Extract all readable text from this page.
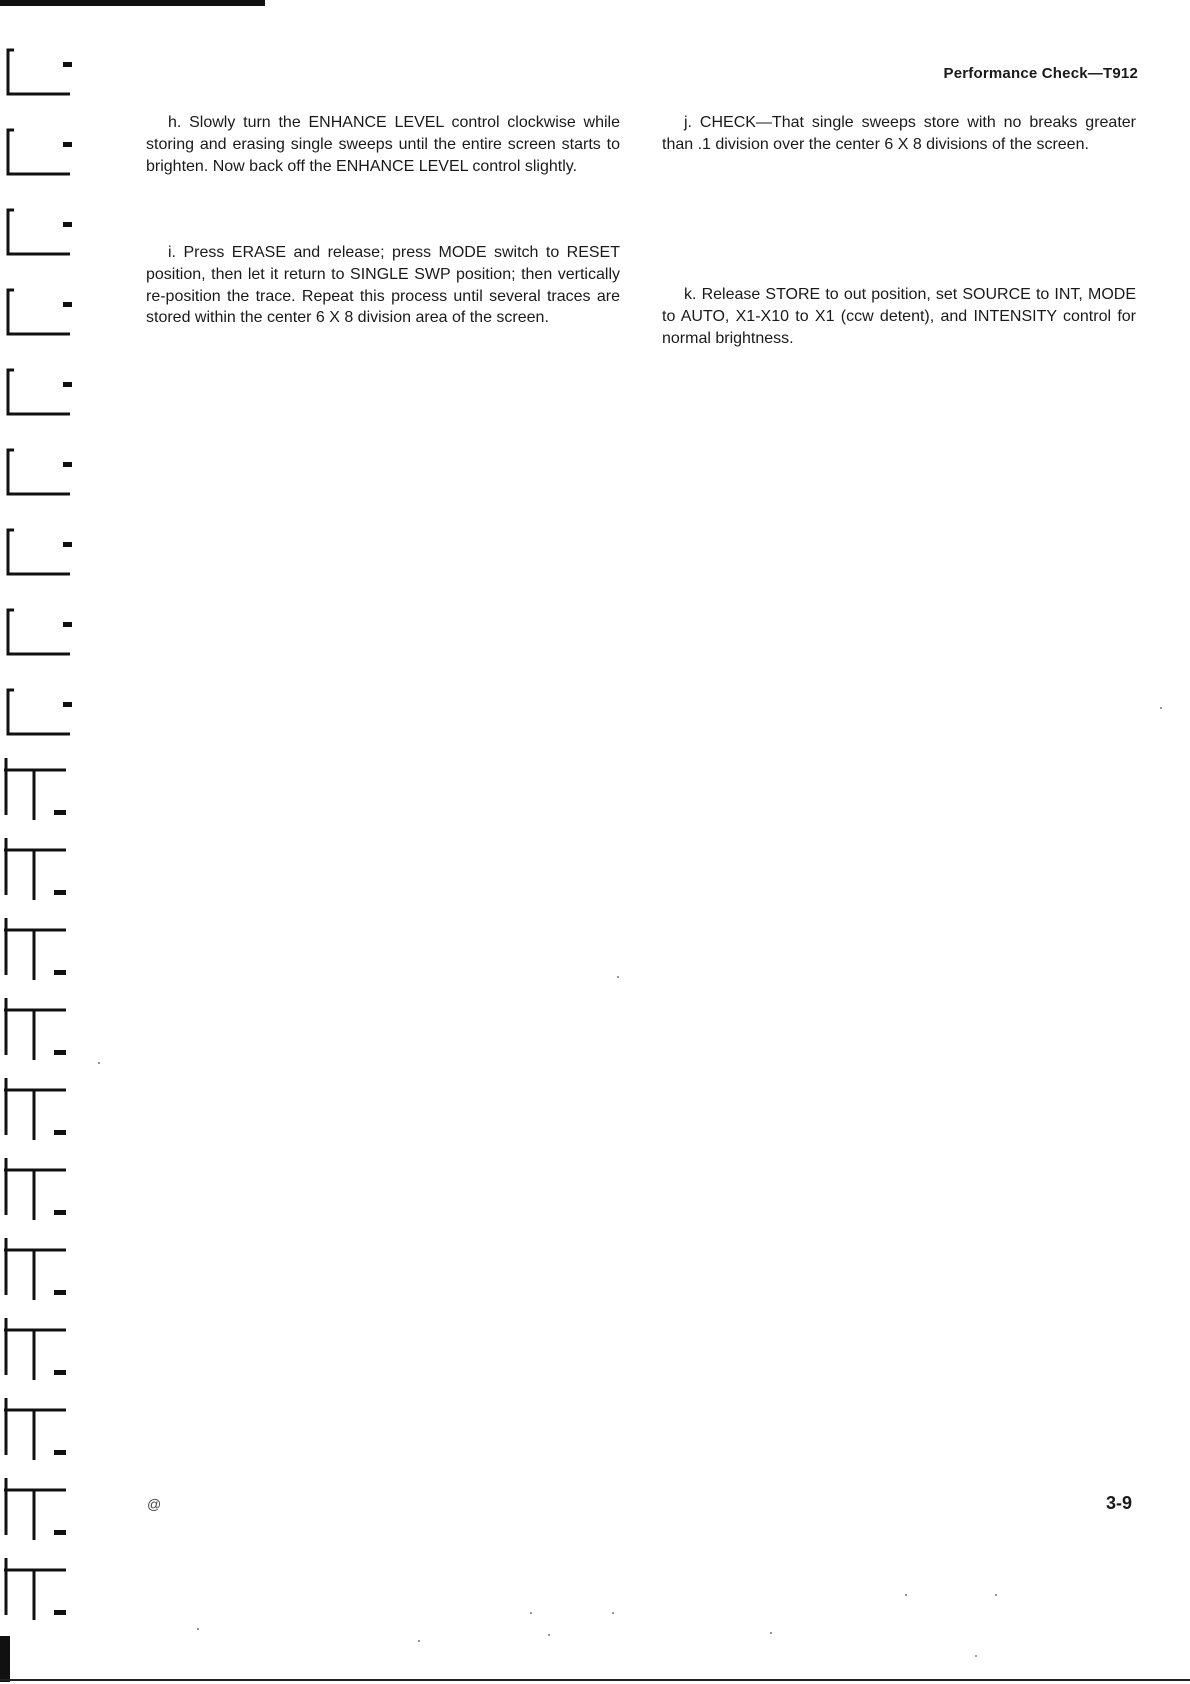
Performance Check—T912

h. Slowly turn the ENHANCE LEVEL control clockwise while storing and erasing single sweeps until the entire screen starts to brighten. Now back off the ENHANCE LEVEL control slightly.

i. Press ERASE and release; press MODE switch to RESET position, then let it return to SINGLE SWP position; then vertically re-position the trace. Repeat this process until several traces are stored within the center 6 X 8 division area of the screen.

j. CHECK—That single sweeps store with no breaks greater than .1 division over the center 6 X 8 divisions of the screen.

k. Release STORE to out position, set SOURCE to INT, MODE to AUTO, X1-X10 to X1 (ccw detent), and INTENSITY control for normal brightness.

@	3-9
